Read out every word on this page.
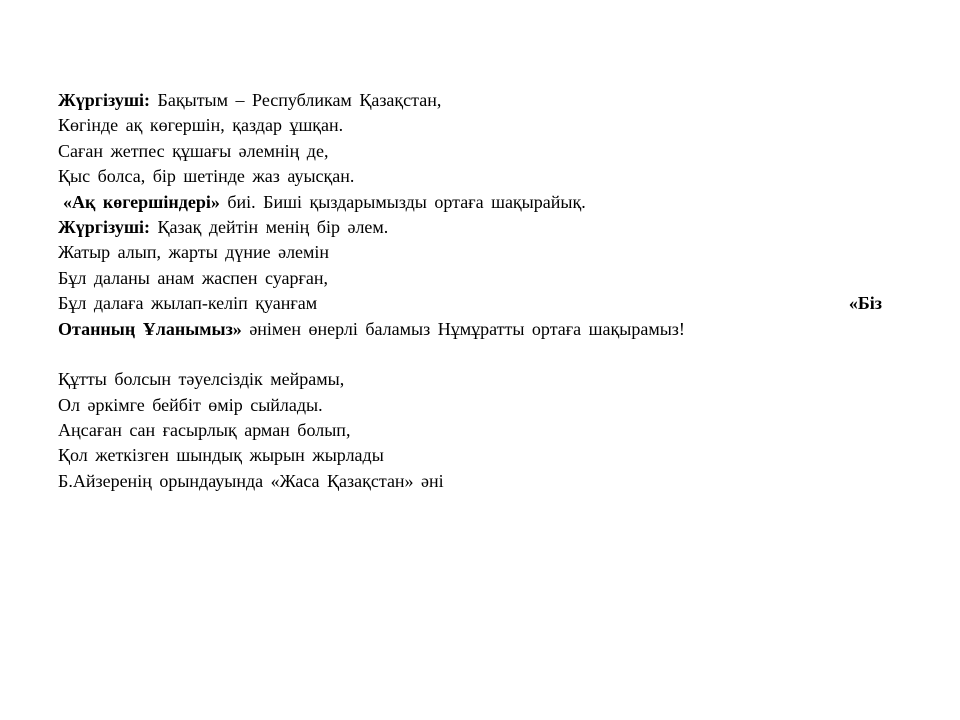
Жүргізуші: Бақытым – Республикам Қазақстан,
Көгінде ақ көгершін, қаздар ұшқан.
Саған жетпес құшағы әлемнің де,
Қыс болса, бір шетінде жаз ауысқан.
«Ақ көгершіндері» биі. Биші қыздарымызды ортаға шақырайық.
Жүргізуші: Қазақ дейтін менің бір әлем.
Жатыр алып, жарты дүние әлемін
Бұл даланы анам жаспен суарған,
Бұл далаға жылап-келіп қуанғам	«Біз
Отанның Ұланымыз» әнімен өнерлі баламыз Нұмұратты ортаға шақырамыз!
Құтты болсын тәуелсіздік мейрамы,
Ол әркімге бейбіт өмір сыйлады.
Аңсаған сан ғасырлық арман болып,
Қол жеткізген шындық жырын жырлады
Б.Айзеренің орындауында «Жаса Қазақстан» әні
